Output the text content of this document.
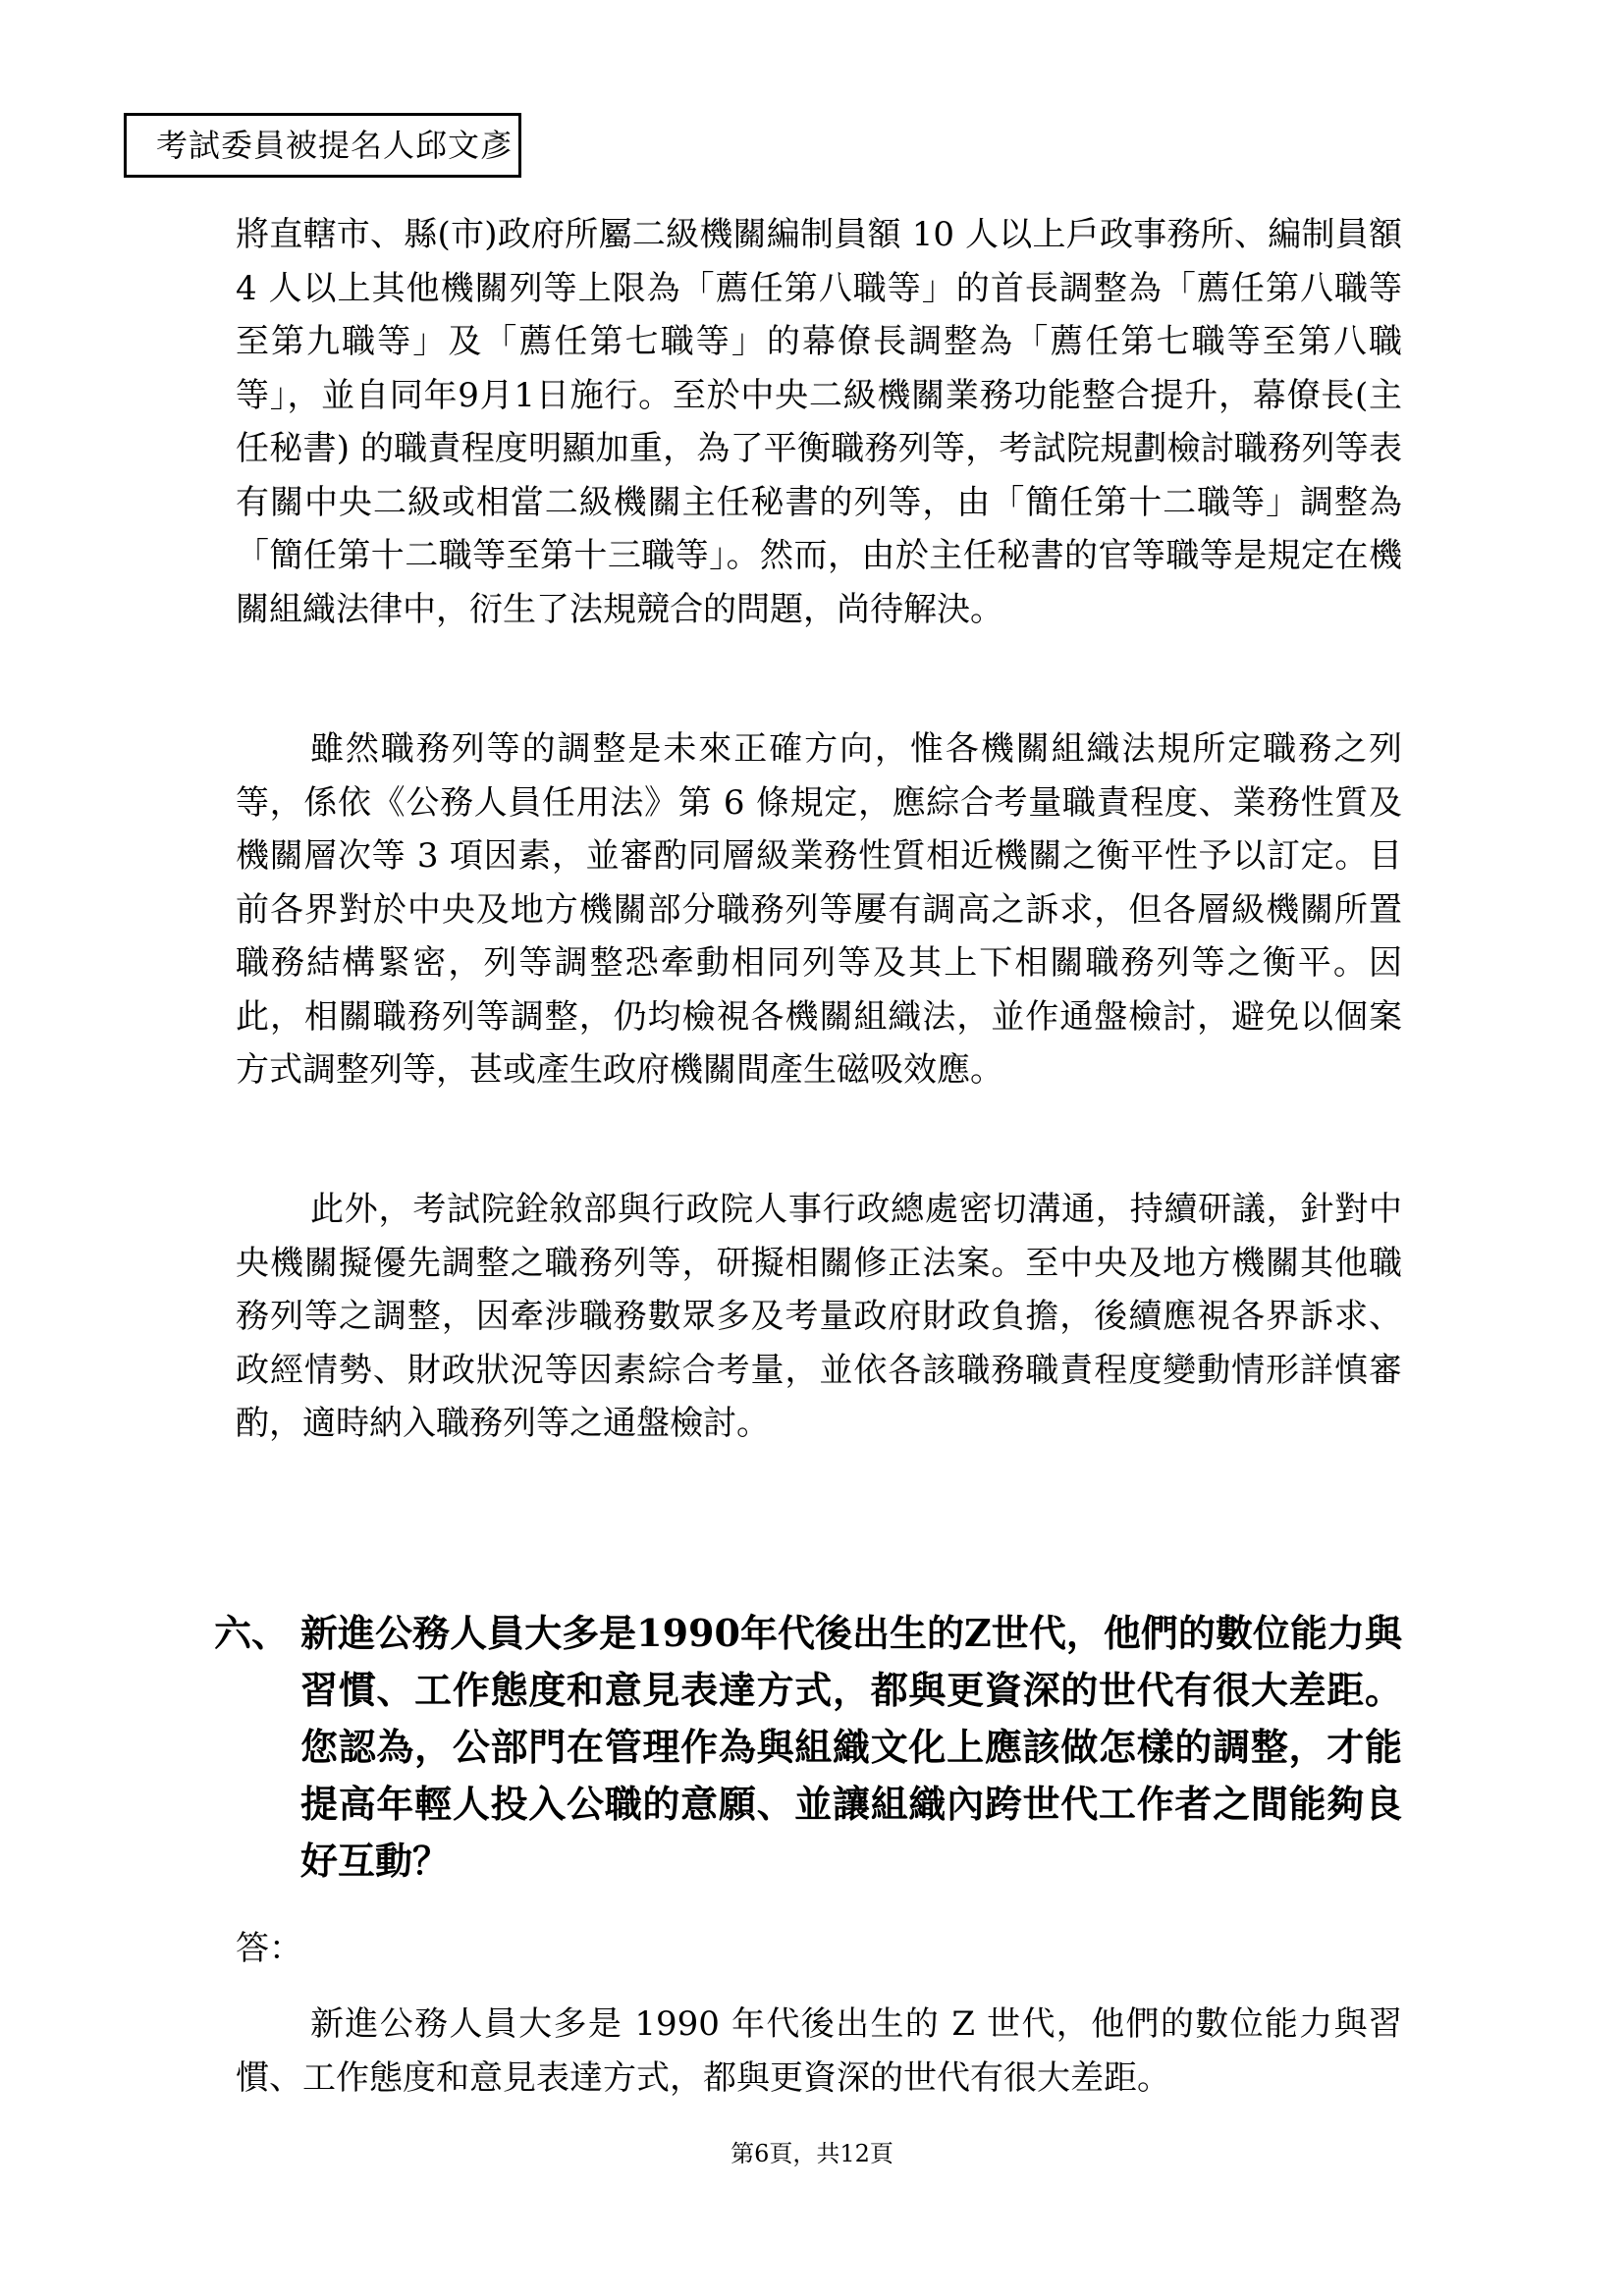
考試委員被提名人邱文彥

將直轄市、縣(市)政府所屬二級機關編制員額 10 人以上戶政事務所、編制員額 4 人以上其他機關列等上限為「薦任第八職等」的首長調整為「薦任第八職等至第九職等」及「薦任第七職等」的幕僚長調整為「薦任第七職等至第八職等」，並自同年9月1日施行。至於中央二級機關業務功能整合提升，幕僚長(主任秘書) 的職責程度明顯加重，為了平衡職務列等，考試院規劃檢討職務列等表有關中央二級或相當二級機關主任秘書的列等，由「簡任第十二職等」調整為「簡任第十二職等至第十三職等」。然而，由於主任秘書的官等職等是規定在機關組織法律中，衍生了法規競合的問題，尚待解決。

雖然職務列等的調整是未來正確方向，惟各機關組織法規所定職務之列等，係依《公務人員任用法》第 6 條規定，應綜合考量職責程度、業務性質及機關層次等 3 項因素，並審酌同層級業務性質相近機關之衡平性予以訂定。目前各界對於中央及地方機關部分職務列等屢有調高之訴求，但各層級機關所置職務結構緊密，列等調整恐牽動相同列等及其上下相關職務列等之衡平。因此，相關職務列等調整，仍均檢視各機關組織法，並作通盤檢討，避免以個案方式調整列等，甚或產生政府機關間產生磁吸效應。

此外，考試院銓敘部與行政院人事行政總處密切溝通，持續研議，針對中央機關擬優先調整之職務列等，研擬相關修正法案。至中央及地方機關其他職務列等之調整，因牽涉職務數眾多及考量政府財政負擔，後續應視各界訴求、政經情勢、財政狀況等因素綜合考量，並依各該職務職責程度變動情形詳慎審酌，適時納入職務列等之通盤檢討。

六、 新進公務人員大多是1990年代後出生的Z世代，他們的數位能力與習慣、工作態度和意見表達方式，都與更資深的世代有很大差距。您認為，公部門在管理作為與組織文化上應該做怎樣的調整，才能提高年輕人投入公職的意願、並讓組織內跨世代工作者之間能夠良好互動？

答：

新進公務人員大多是 1990 年代後出生的 Z 世代，他們的數位能力與習慣、工作態度和意見表達方式，都與更資深的世代有很大差距。

第6頁，共12頁
